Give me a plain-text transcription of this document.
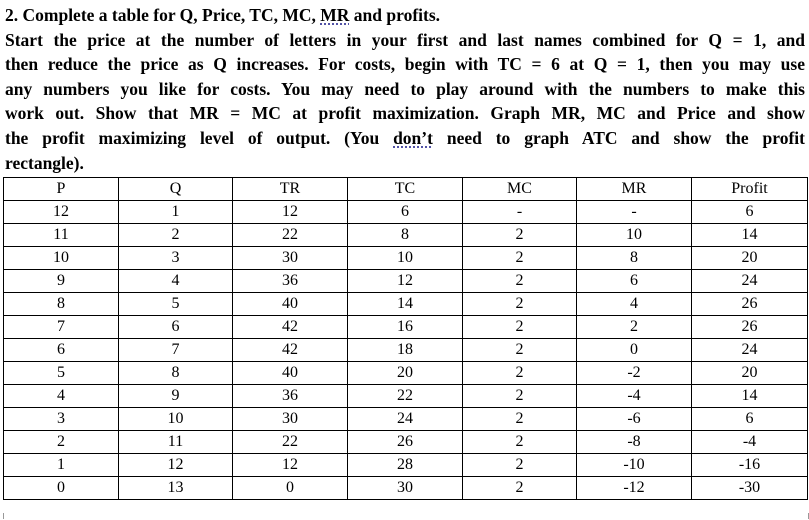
2. Complete a table for Q, Price, TC, MC, MR and profits.
Start the price at the number of letters in your first and last names combined for Q = 1, and
then reduce the price as Q increases. For costs, begin with TC = 6 at Q = 1, then you may use
any numbers you like for costs. You may need to play around with the numbers to make this
work out. Show that MR = MC at profit maximization. Graph MR, MC and Price and show
the profit maximizing level of output. (You don’t need to graph ATC and show the profit
rectangle).
P	Q	TR	TC	MC	MR	Profit
12	1	12	6	-	-	6
11	2	22	8	2	10	14
10	3	30	10	2	8	20
9	4	36	12	2	6	24
8	5	40	14	2	4	26
7	6	42	16	2	2	26
6	7	42	18	2	0	24
5	8	40	20	2	-2	20
4	9	36	22	2	-4	14
3	10	30	24	2	-6	6
2	11	22	26	2	-8	-4
1	12	12	28	2	-10	-16
0	13	0	30	2	-12	-30
